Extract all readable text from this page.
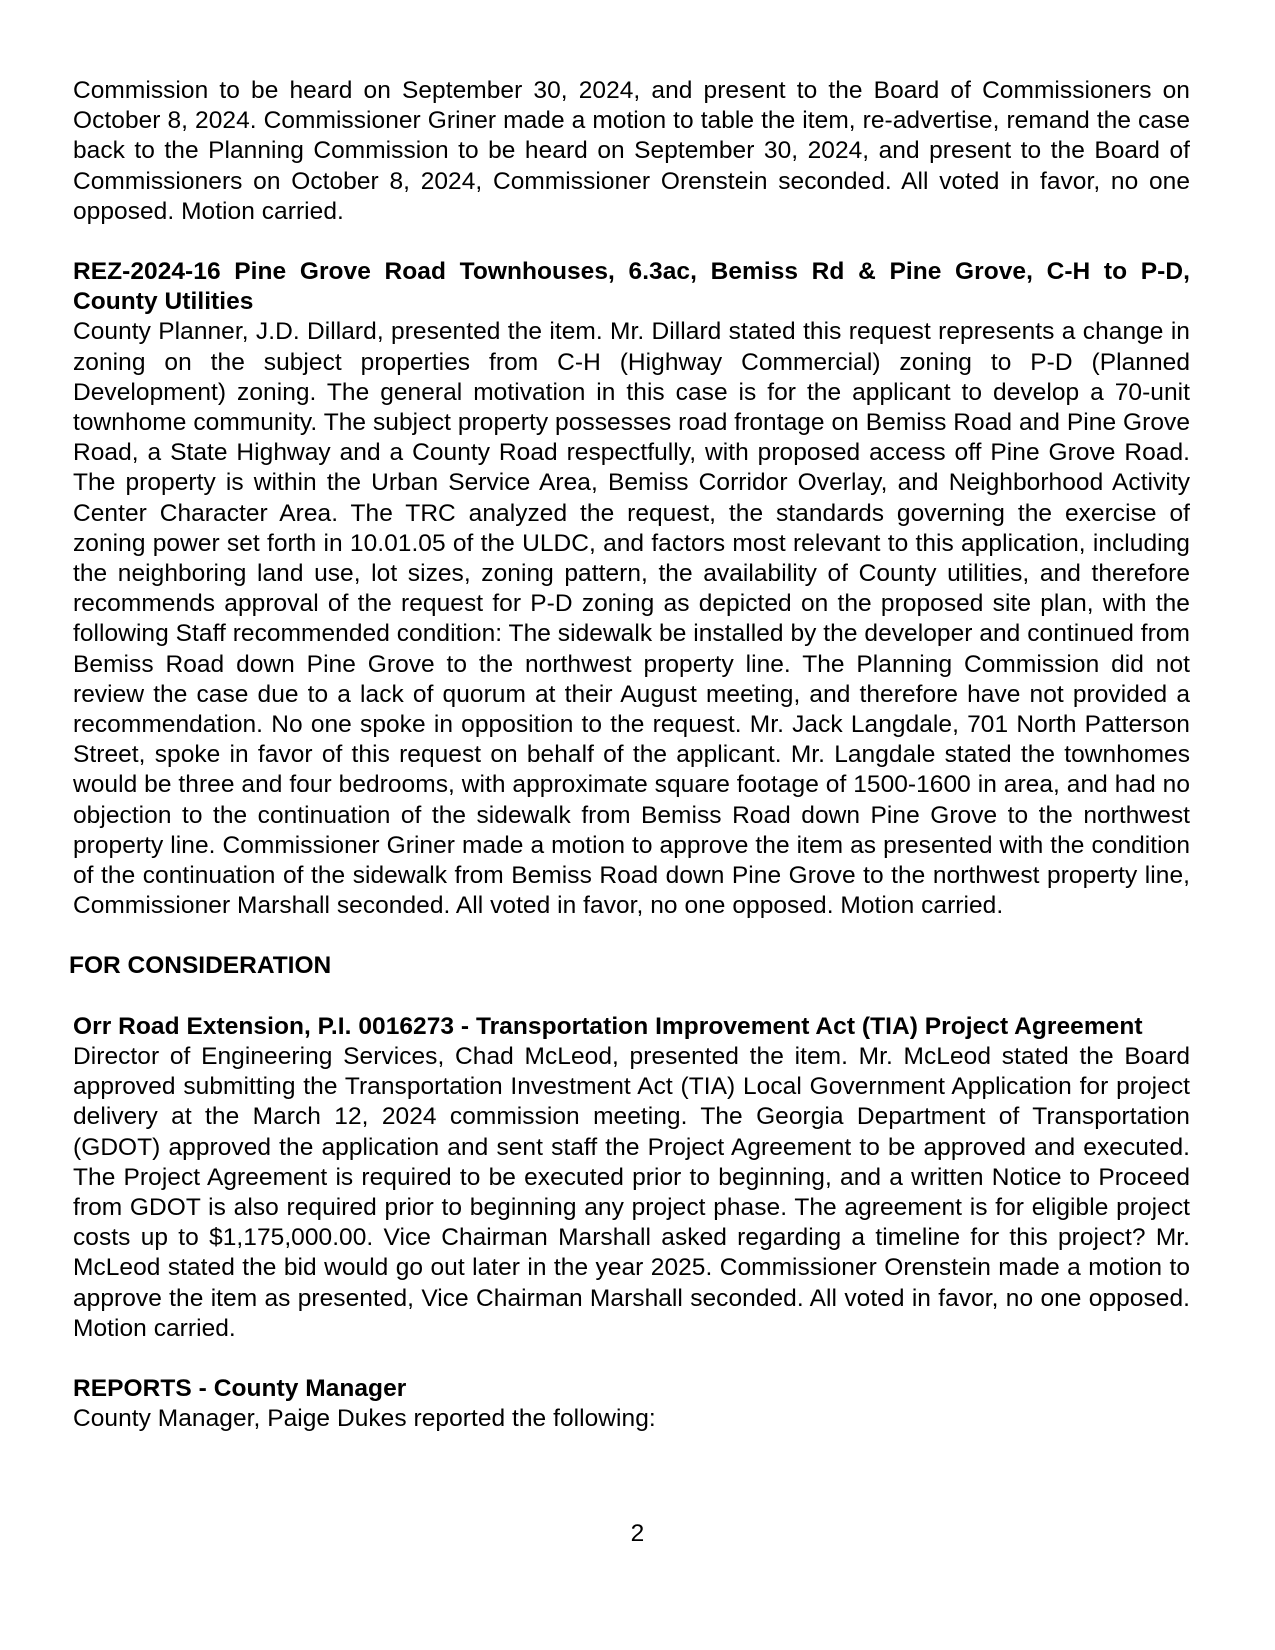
Commission to be heard on September 30, 2024, and present to the Board of Commissioners on October 8, 2024. Commissioner Griner made a motion to table the item, re-advertise, remand the case back to the Planning Commission to be heard on September 30, 2024, and present to the Board of Commissioners on October 8, 2024, Commissioner Orenstein seconded. All voted in favor, no one opposed. Motion carried.

REZ-2024-16 Pine Grove Road Townhouses, 6.3ac, Bemiss Rd & Pine Grove, C-H to P-D, County Utilities

County Planner, J.D. Dillard, presented the item. Mr. Dillard stated this request represents a change in zoning on the subject properties from C-H (Highway Commercial) zoning to P-D (Planned Development) zoning. The general motivation in this case is for the applicant to develop a 70-unit townhome community. The subject property possesses road frontage on Bemiss Road and Pine Grove Road, a State Highway and a County Road respectfully, with proposed access off Pine Grove Road. The property is within the Urban Service Area, Bemiss Corridor Overlay, and Neighborhood Activity Center Character Area. The TRC analyzed the request, the standards governing the exercise of zoning power set forth in 10.01.05 of the ULDC, and factors most relevant to this application, including the neighboring land use, lot sizes, zoning pattern, the availability of County utilities, and therefore recommends approval of the request for P-D zoning as depicted on the proposed site plan, with the following Staff recommended condition: The sidewalk be installed by the developer and continued from Bemiss Road down Pine Grove to the northwest property line. The Planning Commission did not review the case due to a lack of quorum at their August meeting, and therefore have not provided a recommendation. No one spoke in opposition to the request. Mr. Jack Langdale, 701 North Patterson Street, spoke in favor of this request on behalf of the applicant. Mr. Langdale stated the townhomes would be three and four bedrooms, with approximate square footage of 1500-1600 in area, and had no objection to the continuation of the sidewalk from Bemiss Road down Pine Grove to the northwest property line. Commissioner Griner made a motion to approve the item as presented with the condition of the continuation of the sidewalk from Bemiss Road down Pine Grove to the northwest property line, Commissioner Marshall seconded. All voted in favor, no one opposed. Motion carried.

FOR CONSIDERATION

Orr Road Extension, P.I. 0016273 - Transportation Improvement Act (TIA) Project Agreement

Director of Engineering Services, Chad McLeod, presented the item. Mr. McLeod stated the Board approved submitting the Transportation Investment Act (TIA) Local Government Application for project delivery at the March 12, 2024 commission meeting. The Georgia Department of Transportation (GDOT) approved the application and sent staff the Project Agreement to be approved and executed. The Project Agreement is required to be executed prior to beginning, and a written Notice to Proceed from GDOT is also required prior to beginning any project phase. The agreement is for eligible project costs up to $1,175,000.00. Vice Chairman Marshall asked regarding a timeline for this project? Mr. McLeod stated the bid would go out later in the year 2025. Commissioner Orenstein made a motion to approve the item as presented, Vice Chairman Marshall seconded. All voted in favor, no one opposed. Motion carried.

REPORTS - County Manager

County Manager, Paige Dukes reported the following:

2
